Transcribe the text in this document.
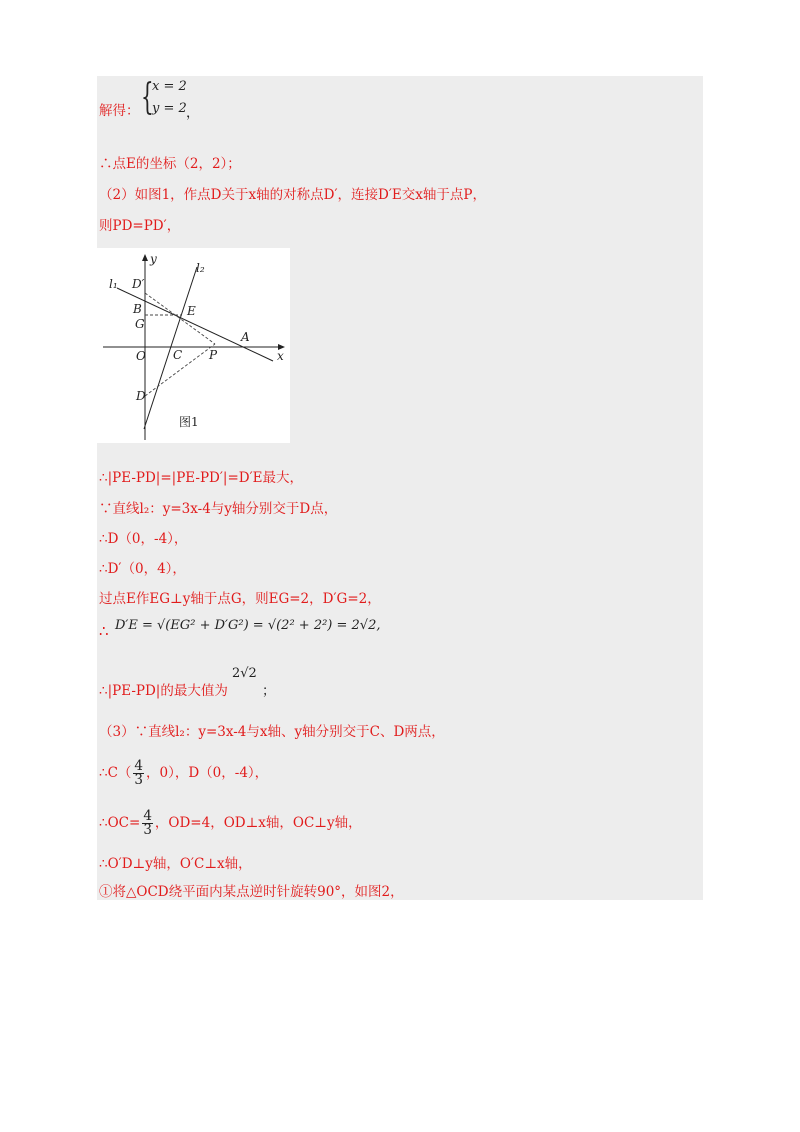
解得： {
x = 2
y = 2 ，
∴点E的坐标（2，2）；
（2）如图1，作点D关于x轴的对称点D′，连接D′E交x轴于点P，
则PD=PD′，
y
x
l₁
l₂
D′
B	E
G
A
O C P
D
图1
∴|PE-PD|=|PE-PD′|=D′E最大，
∵直线l₂：y=3x-4与y轴分别交于D点，
∴D（0，-4），
∴D′（0，4），
过点E作EG⊥y轴于点G，则EG=2，D′G=2，
∴ D′E = √(EG² + D′G²) = √(2² + 2²) = 2√2,
∴|PE-PD|的最大值为
2√2
；
（3）∵直线l₂：y=3x-4与x轴、y轴分别交于C、D两点，
∴C（ $\frac{4}{3}$ ，0），D（0，-4），
∴OC= $\frac{4}{3}$ ，OD=4，OD⊥x轴，OC⊥y轴，
∴O′D⊥y轴，O′C⊥x轴，
①将△OCD绕平面内某点逆时针旋转90°，如图2，
